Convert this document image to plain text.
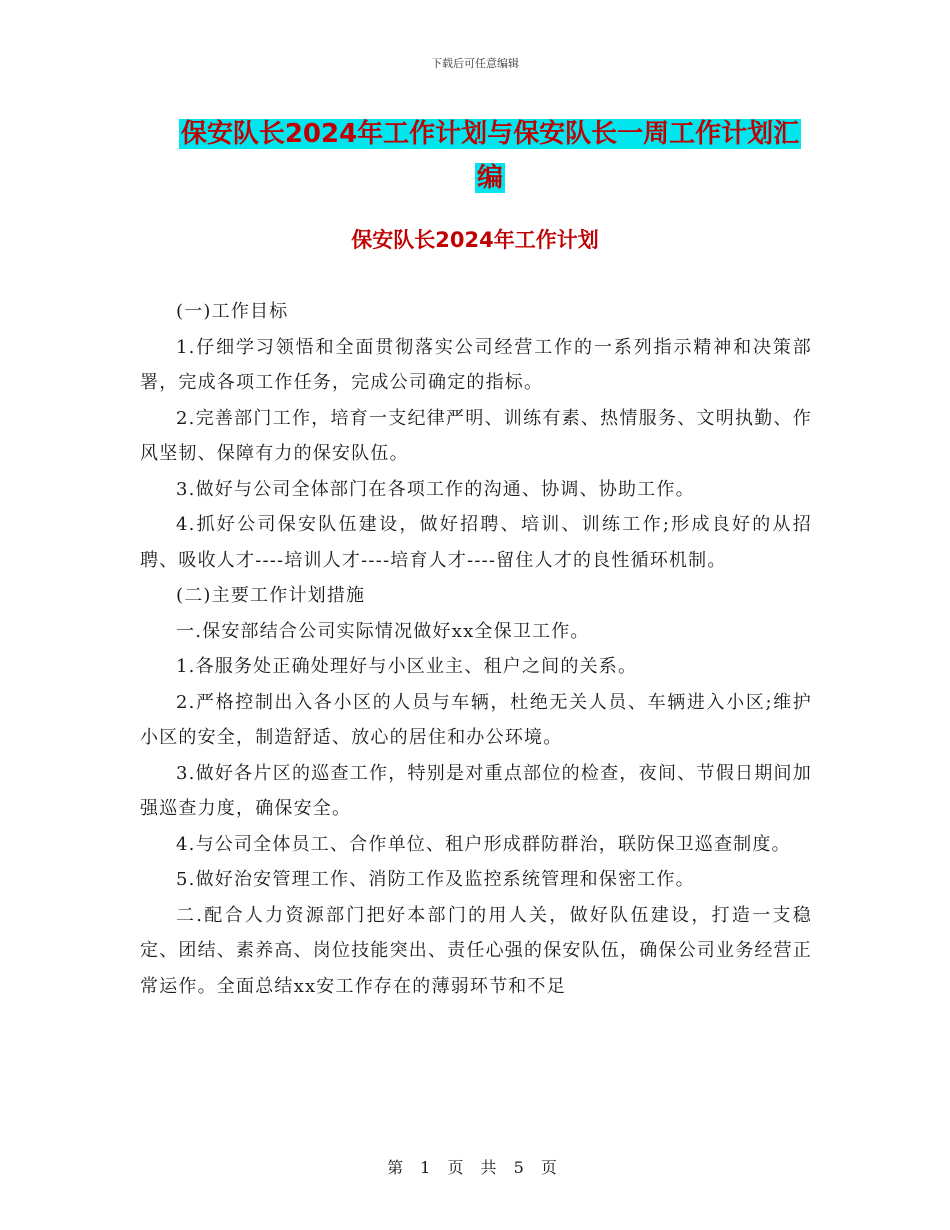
下载后可任意编辑
保安队长2024年工作计划与保安队长一周工作计划汇
编
保安队长2024年工作计划

(一)工作目标

1.仔细学习领悟和全面贯彻落实公司经营工作的一系列指示精神和决策部署，完成各项工作任务，完成公司确定的指标。

2.完善部门工作，培育一支纪律严明、训练有素、热情服务、文明执勤、作风坚韧、保障有力的保安队伍。

3.做好与公司全体部门在各项工作的沟通、协调、协助工作。

4.抓好公司保安队伍建设，做好招聘、培训、训练工作;形成良好的从招聘、吸收人才----培训人才----培育人才----留住人才的良性循环机制。

(二)主要工作计划措施

一.保安部结合公司实际情况做好xx全保卫工作。

1.各服务处正确处理好与小区业主、租户之间的关系。

2.严格控制出入各小区的人员与车辆，杜绝无关人员、车辆进入小区;维护小区的安全，制造舒适、放心的居住和办公环境。

3.做好各片区的巡查工作，特别是对重点部位的检查，夜间、节假日期间加强巡查力度，确保安全。

4.与公司全体员工、合作单位、租户形成群防群治，联防保卫巡查制度。

5.做好治安管理工作、消防工作及监控系统管理和保密工作。

二.配合人力资源部门把好本部门的用人关，做好队伍建设，打造一支稳定、团结、素养高、岗位技能突出、责任心强的保安队伍，确保公司业务经营正常运作。全面总结xx安工作存在的薄弱环节和不足

第 1 页 共 5 页
